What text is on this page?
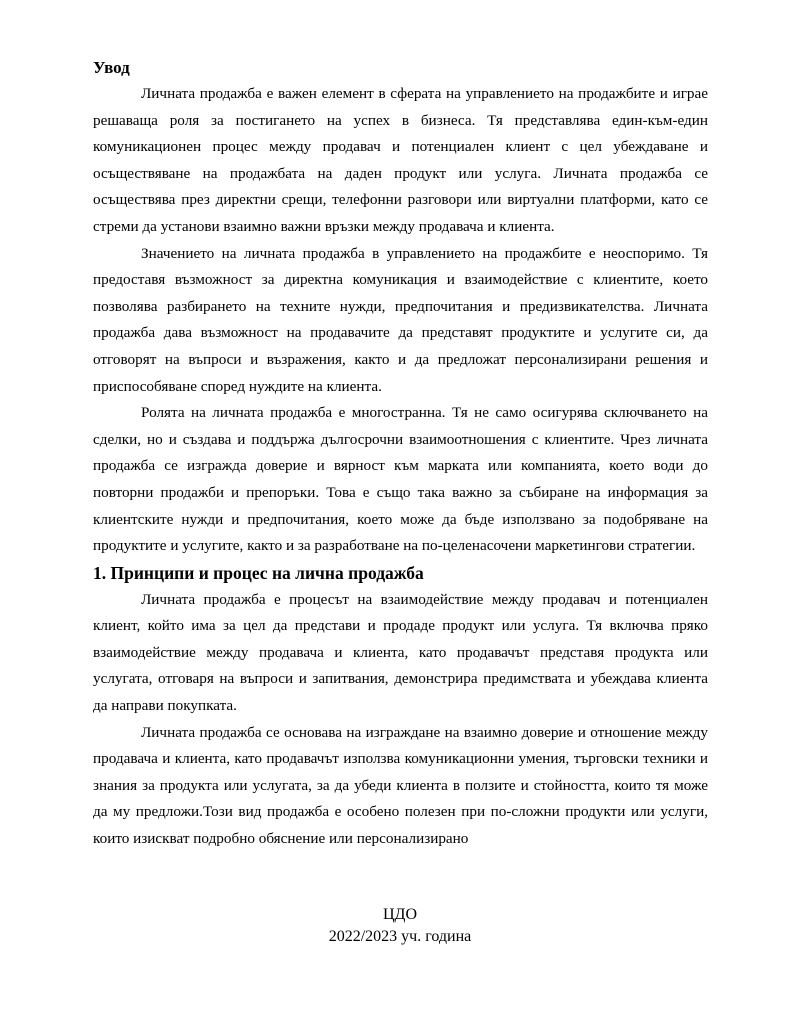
Увод

Личната продажба е важен елемент в сферата на управлението на продажбите и играе решаваща роля за постигането на успех в бизнеса. Тя представлява един-към-един комуникационен процес между продавач и потенциален клиент с цел убеждаване и осъществяване на продажбата на даден продукт или услуга. Личната продажба се осъществява през директни срещи, телефонни разговори или виртуални платформи, като се стреми да установи взаимно важни връзки между продавача и клиента.

Значението на личната продажба в управлението на продажбите е неоспоримо. Тя предоставя възможност за директна комуникация и взаимодействие с клиентите, което позволява разбирането на техните нужди, предпочитания и предизвикателства. Личната продажба дава възможност на продавачите да представят продуктите и услугите си, да отговорят на въпроси и възражения, както и да предложат персонализирани решения и приспособяване според нуждите на клиента.

Ролята на личната продажба е многостранна. Тя не само осигурява сключването на сделки, но и създава и поддържа дългосрочни взаимоотношения с клиентите. Чрез личната продажба се изгражда доверие и вярност към марката или компанията, което води до повторни продажби и препоръки. Това е също така важно за събиране на информация за клиентските нужди и предпочитания, което може да бъде използвано за подобряване на продуктите и услугите, както и за разработване на по-целенасочени маркетингови стратегии.

1. Принципи и процес на лична продажба

Личната продажба е процесът на взаимодействие между продавач и потенциален клиент, който има за цел да представи и продаде продукт или услуга. Тя включва пряко взаимодействие между продавача и клиента, като продавачът представя продукта или услугата, отговаря на въпроси и запитвания, демонстрира предимствата и убеждава клиента да направи покупката.

Личната продажба се основава на изграждане на взаимно доверие и отношение между продавача и клиента, като продавачът използва комуникационни умения, търговски техники и знания за продукта или услугата, за да убеди клиента в ползите и стойността, които тя може да му предложи.Този вид продажба е особено полезен при по-сложни продукти или услуги, които изискват подробно обяснение или персонализирано

ЦДО
2022/2023 уч. година
